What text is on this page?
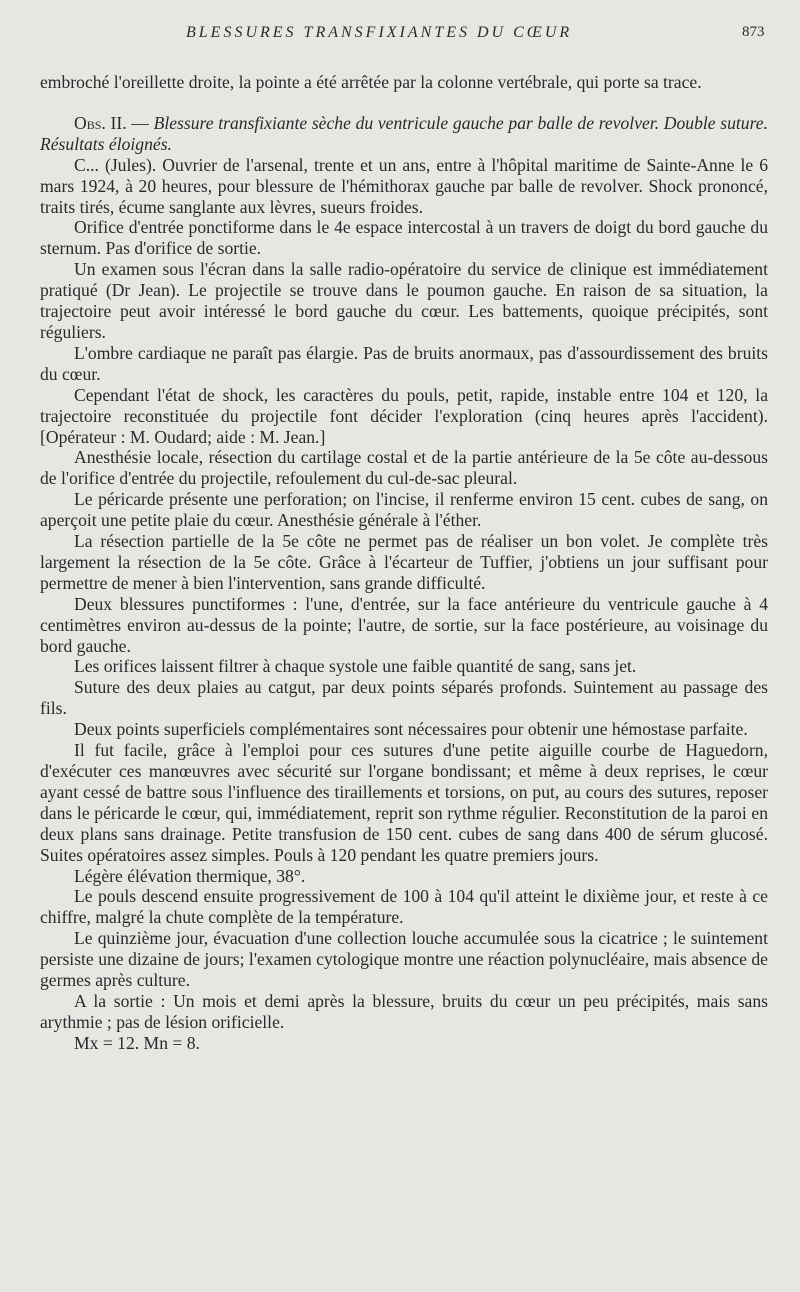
BLESSURES TRANSFIXIANTES DU CŒUR	873

embroché l'oreillette droite, la pointe a été arrêtée par la colonne vertébrale, qui porte sa trace.

Obs. II. — Blessure transfixiante sèche du ventricule gauche par balle de revolver. Double suture. Résultats éloignés.

C... (Jules). Ouvrier de l'arsenal, trente et un ans, entre à l'hôpital maritime de Sainte-Anne le 6 mars 1924, à 20 heures, pour blessure de l'hémithorax gauche par balle de revolver. Shock prononcé, traits tirés, écume sanglante aux lèvres, sueurs froides.

Orifice d'entrée ponctiforme dans le 4e espace intercostal à un travers de doigt du bord gauche du sternum. Pas d'orifice de sortie.

Un examen sous l'écran dans la salle radio-opératoire du service de clinique est immédiatement pratiqué (Dr Jean). Le projectile se trouve dans le poumon gauche. En raison de sa situation, la trajectoire peut avoir intéressé le bord gauche du cœur. Les battements, quoique précipités, sont réguliers.

L'ombre cardiaque ne paraît pas élargie. Pas de bruits anormaux, pas d'assourdissement des bruits du cœur.

Cependant l'état de shock, les caractères du pouls, petit, rapide, instable entre 104 et 120, la trajectoire reconstituée du projectile font décider l'exploration (cinq heures après l'accident). [Opérateur : M. Oudard; aide : M. Jean.]

Anesthésie locale, résection du cartilage costal et de la partie antérieure de la 5e côte au-dessous de l'orifice d'entrée du projectile, refoulement du cul-de-sac pleural.

Le péricarde présente une perforation; on l'incise, il renferme environ 15 cent. cubes de sang, on aperçoit une petite plaie du cœur. Anesthésie générale à l'éther.

La résection partielle de la 5e côte ne permet pas de réaliser un bon volet. Je complète très largement la résection de la 5e côte. Grâce à l'écarteur de Tuffier, j'obtiens un jour suffisant pour permettre de mener à bien l'intervention, sans grande difficulté.

Deux blessures punctiformes : l'une, d'entrée, sur la face antérieure du ventricule gauche à 4 centimètres environ au-dessus de la pointe; l'autre, de sortie, sur la face postérieure, au voisinage du bord gauche.

Les orifices laissent filtrer à chaque systole une faible quantité de sang, sans jet.

Suture des deux plaies au catgut, par deux points séparés profonds. Suintement au passage des fils.

Deux points superficiels complémentaires sont nécessaires pour obtenir une hémostase parfaite.

Il fut facile, grâce à l'emploi pour ces sutures d'une petite aiguille courbe de Haguedorn, d'exécuter ces manœuvres avec sécurité sur l'organe bondissant; et même à deux reprises, le cœur ayant cessé de battre sous l'influence des tiraillements et torsions, on put, au cours des sutures, reposer dans le péricarde le cœur, qui, immédiatement, reprit son rythme régulier. Reconstitution de la paroi en deux plans sans drainage. Petite transfusion de 150 cent. cubes de sang dans 400 de sérum glucosé. Suites opératoires assez simples. Pouls à 120 pendant les quatre premiers jours.

Légère élévation thermique, 38°.

Le pouls descend ensuite progressivement de 100 à 104 qu'il atteint le dixième jour, et reste à ce chiffre, malgré la chute complète de la température.

Le quinzième jour, évacuation d'une collection louche accumulée sous la cicatrice ; le suintement persiste une dizaine de jours; l'examen cytologique montre une réaction polynucléaire, mais absence de germes après culture.

A la sortie : Un mois et demi après la blessure, bruits du cœur un peu précipités, mais sans arythmie ; pas de lésion orificielle.

Mx = 12. Mn = 8.
